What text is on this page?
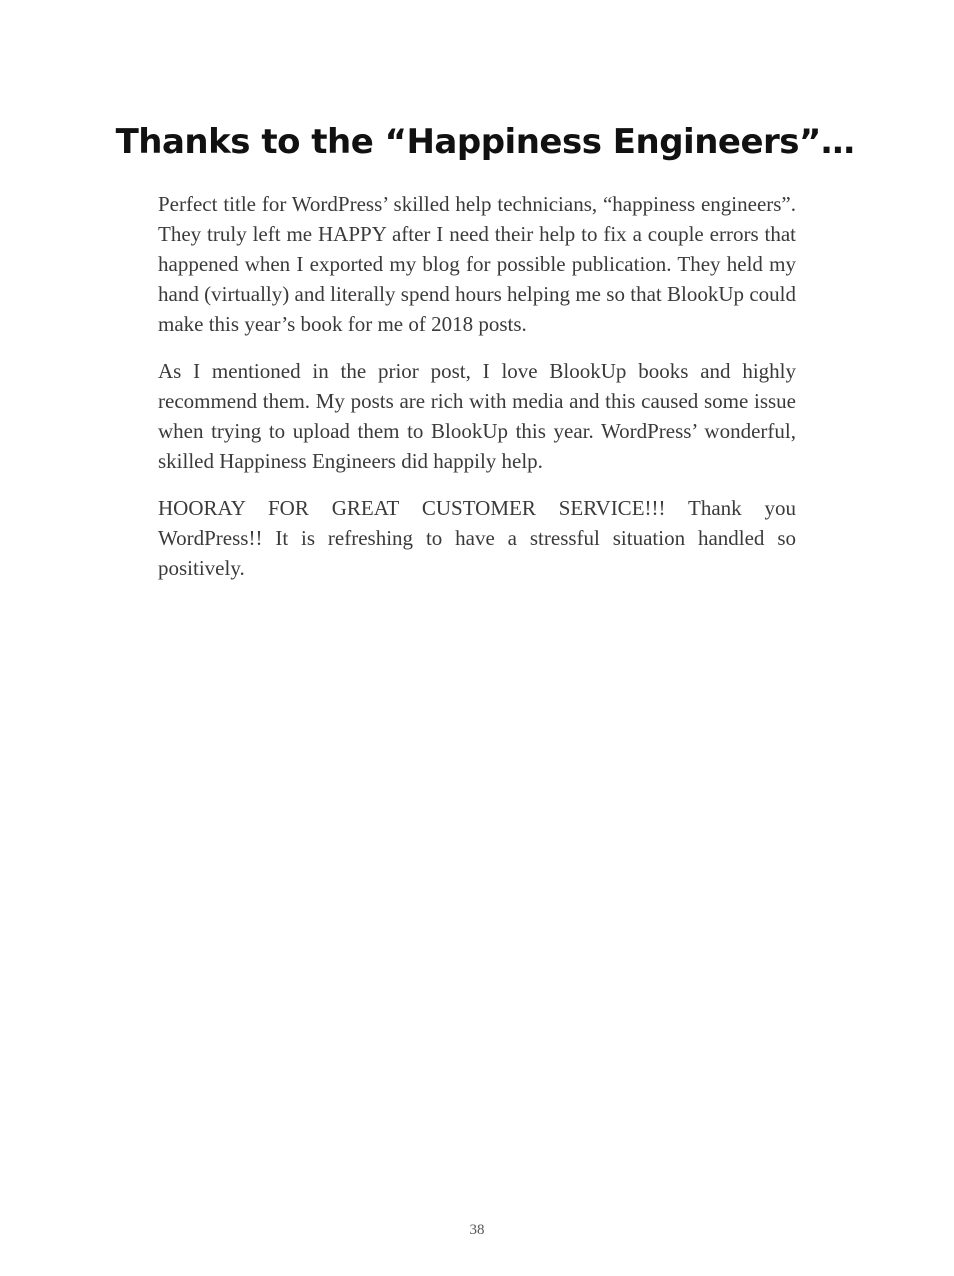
Thanks to the “Happiness Engineers”…

Perfect title for WordPress’ skilled help technicians, “happiness engineers”. They truly left me HAPPY after I need their help to fix a couple errors that happened when I exported my blog for possible publication. They held my hand (virtually) and literally spend hours helping me so that BlookUp could make this year’s book for me of 2018 posts.

As I mentioned in the prior post, I love BlookUp books and highly recommend them. My posts are rich with media and this caused some issue when trying to upload them to BlookUp this year. WordPress’ wonderful, skilled Happiness Engineers did happily help.

HOORAY FOR GREAT CUSTOMER SERVICE!!! Thank you WordPress!! It is refreshing to have a stressful situation handled so positively.

38
